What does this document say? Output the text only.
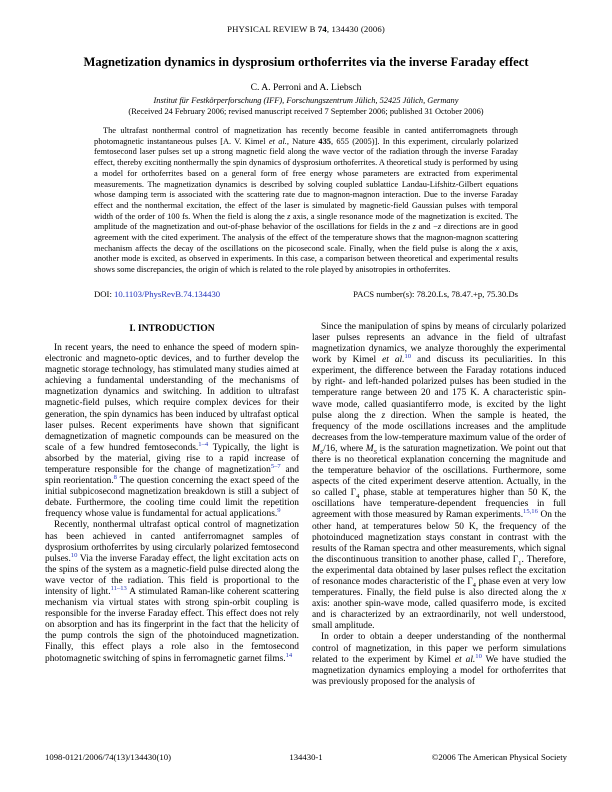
PHYSICAL REVIEW B 74, 134430 (2006)
Magnetization dynamics in dysprosium orthoferrites via the inverse Faraday effect
C. A. Perroni and A. Liebsch
Institut für Festkörperforschung (IFF), Forschungszentrum Jülich, 52425 Jülich, Germany
(Received 24 February 2006; revised manuscript received 7 September 2006; published 31 October 2006)
The ultrafast nonthermal control of magnetization has recently become feasible in canted antiferromagnets through photomagnetic instantaneous pulses [A. V. Kimel et al., Nature 435, 655 (2005)]. In this experiment, circularly polarized femtosecond laser pulses set up a strong magnetic field along the wave vector of the radiation through the inverse Faraday effect, thereby exciting nonthermally the spin dynamics of dysprosium orthoferrites. A theoretical study is performed by using a model for orthoferrites based on a general form of free energy whose parameters are extracted from experimental measurements. The magnetization dynamics is described by solving coupled sublattice Landau-Lifshitz-Gilbert equations whose damping term is associated with the scattering rate due to magnon-magnon interaction. Due to the inverse Faraday effect and the nonthermal excitation, the effect of the laser is simulated by magnetic-field Gaussian pulses with temporal width of the order of 100 fs. When the field is along the z axis, a single resonance mode of the magnetization is excited. The amplitude of the magnetization and out-of-phase behavior of the oscillations for fields in the z and −z directions are in good agreement with the cited experiment. The analysis of the effect of the temperature shows that the magnon-magnon scattering mechanism affects the decay of the oscillations on the picosecond scale. Finally, when the field pulse is along the x axis, another mode is excited, as observed in experiments. In this case, a comparison between theoretical and experimental results shows some discrepancies, the origin of which is related to the role played by anisotropies in orthoferrites.
DOI: 10.1103/PhysRevB.74.134430	PACS number(s): 78.20.Ls, 78.47.+p, 75.30.Ds
I. INTRODUCTION

In recent years, the need to enhance the speed of modern spin-electronic and magneto-optic devices, and to further develop the magnetic storage technology, has stimulated many studies aimed at achieving a fundamental understanding of the mechanisms of magnetization dynamics and switching. In addition to ultrafast magnetic-field pulses, which require complex devices for their generation, the spin dynamics has been induced by ultrafast optical laser pulses. Recent experiments have shown that significant demagnetization of magnetic compounds can be measured on the scale of a few hundred femtoseconds.$^{1-4}$ Typically, the light is absorbed by the material, giving rise to a rapid increase of temperature responsible for the change of magnetization$^{5-7}$ and spin reorientation.$^8$ The question concerning the exact speed of the initial subpicosecond magnetization breakdown is still a subject of debate. Furthermore, the cooling time could limit the repetition frequency whose value is fundamental for actual applications.$^9$

Recently, nonthermal ultrafast optical control of magnetization has been achieved in canted antiferromagnet samples of dysprosium orthoferrites by using circularly polarized femtosecond pulses.$^{10}$ Via the inverse Faraday effect, the light excitation acts on the spins of the system as a magnetic-field pulse directed along the wave vector of the radiation. This field is proportional to the intensity of light.$^{11-13}$ A stimulated Raman-like coherent scattering mechanism via virtual states with strong spin-orbit coupling is responsible for the inverse Faraday effect. This effect does not rely on absorption and has its fingerprint in the fact that the helicity of the pump controls the sign of the photoinduced magnetization. Finally, this effect plays a role also in the femtosecond photomagnetic switching of spins in ferromagnetic garnet films.$^{14}$

Since the manipulation of spins by means of circularly polarized laser pulses represents an advance in the field of ultrafast magnetization dynamics, we analyze thoroughly the experimental work by Kimel et al.$^{10}$ and discuss its peculiarities. In this experiment, the difference between the Faraday rotations induced by right- and left-handed polarized pulses has been studied in the temperature range between 20 and 175 K. A characteristic spin-wave mode, called quasiantiferro mode, is excited by the light pulse along the z direction. When the sample is heated, the frequency of the mode oscillations increases and the amplitude decreases from the low-temperature maximum value of the order of $M_S/16$, where $M_S$ is the saturation magnetization. We point out that there is no theoretical explanation concerning the magnitude and the temperature behavior of the oscillations. Furthermore, some aspects of the cited experiment deserve attention. Actually, in the so called $\Gamma_4$ phase, stable at temperatures higher than 50 K, the oscillations have temperature-dependent frequencies in full agreement with those measured by Raman experiments.$^{15,16}$ On the other hand, at temperatures below 50 K, the frequency of the photoinduced magnetization stays constant in contrast with the results of the Raman spectra and other measurements, which signal the discontinuous transition to another phase, called $\Gamma_1$. Therefore, the experimental data obtained by laser pulses reflect the excitation of resonance modes characteristic of the $\Gamma_4$ phase even at very low temperatures. Finally, the field pulse is also directed along the x axis: another spin-wave mode, called quasiferro mode, is excited and is characterized by an extraordinarily, not well understood, small amplitude.

In order to obtain a deeper understanding of the nonthermal control of magnetization, in this paper we perform simulations related to the experiment by Kimel et al.$^{10}$ We have studied the magnetization dynamics employing a model for orthoferrites that was previously proposed for the analysis of

1098-0121/2006/74(13)/134430(10)	134430-1	©2006 The American Physical Society
